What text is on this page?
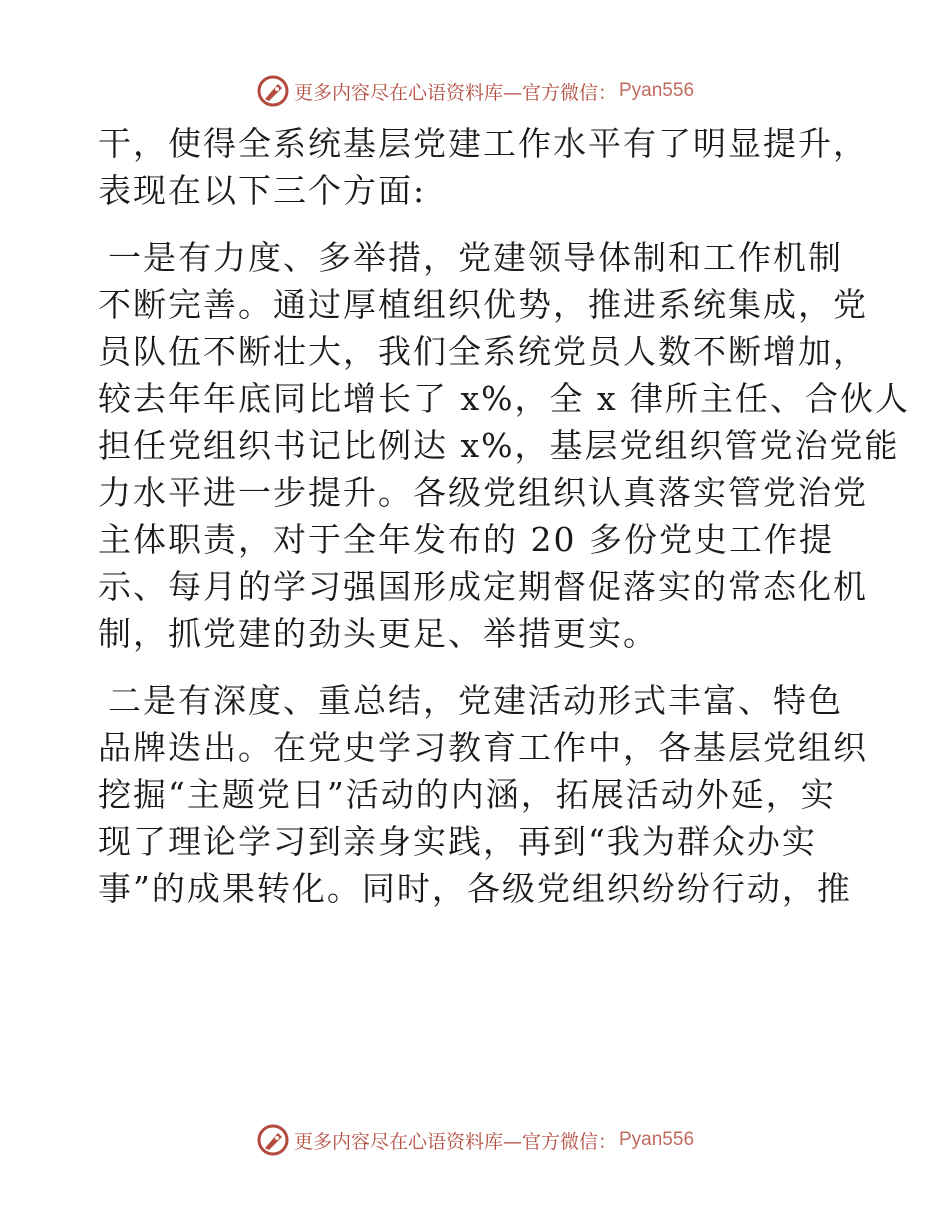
更多内容尽在心语资料库—官方微信： Pyan556
干，使得全系统基层党建工作水平有了明显提升，
表现在以下三个方面:
一是有力度、多举措，党建领导体制和工作机制
不断完善。通过厚植组织优势，推进系统集成，党
员队伍不断壮大，我们全系统党员人数不断增加，
较去年年底同比增长了 x%，全 x 律所主任、合伙人
担任党组织书记比例达 x%，基层党组织管党治党能
力水平进一步提升。各级党组织认真落实管党治党
主体职责，对于全年发布的 20 多份党史工作提
示、每月的学习强国形成定期督促落实的常态化机
制，抓党建的劲头更足、举措更实。
二是有深度、重总结，党建活动形式丰富、特色
品牌迭出。在党史学习教育工作中，各基层党组织
挖掘“主题党日”活动的内涵，拓展活动外延，实
现了理论学习到亲身实践，再到“我为群众办实
事”的成果转化。同时，各级党组织纷纷行动，推
更多内容尽在心语资料库—官方微信： Pyan556
